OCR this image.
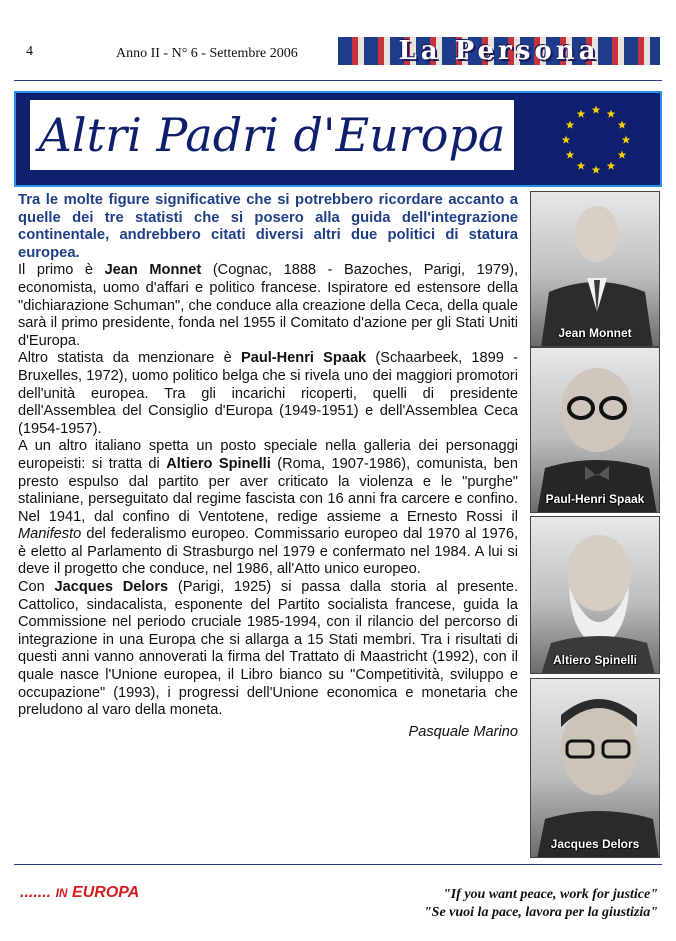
4	Anno II - N° 6 - Settembre 2006	La Persona
Altri Padri d'Europa

Tra le molte figure significative che si potrebbero ricordare accanto a quelle dei tre statisti che si posero alla guida dell'integrazione continentale, andrebbero citati diversi altri due politici di statura europea.

Il primo è Jean Monnet (Cognac, 1888 - Bazoches, Parigi, 1979), economista, uomo d'affari e politico francese. Ispiratore ed estensore della "dichiarazione Schuman", che conduce alla creazione della Ceca, della quale sarà il primo presidente, fonda nel 1955 il Comitato d'azione per gli Stati Uniti d'Europa.

Altro statista da menzionare è Paul-Henri Spaak (Schaarbeek, 1899 - Bruxelles, 1972), uomo politico belga che si rivela uno dei maggiori promotori dell'unità europea. Tra gli incarichi ricoperti, quelli di presidente dell'Assemblea del Consiglio d'Europa (1949-1951) e dell'Assemblea Ceca (1954-1957).

A un altro italiano spetta un posto speciale nella galleria dei personaggi europeisti: si tratta di Altiero Spinelli (Roma, 1907-1986), comunista, ben presto espulso dal partito per aver criticato la violenza e le "purghe" staliniane, perseguitato dal regime fascista con 16 anni fra carcere e confino. Nel 1941, dal confino di Ventotene, redige assieme a Ernesto Rossi il Manifesto del federalismo europeo. Commissario europeo dal 1970 al 1976, è eletto al Parlamento di Strasburgo nel 1979 e confermato nel 1984. A lui si deve il progetto che conduce, nel 1986, all'Atto unico europeo.

Con Jacques Delors (Parigi, 1925) si passa dalla storia al presente. Cattolico, sindacalista, esponente del Partito socialista francese, guida la Commissione nel periodo cruciale 1985-1994, con il rilancio del percorso di integrazione in una Europa che si allarga a 15 Stati membri. Tra i risultati di questi anni vanno annoverati la firma del Trattato di Maastricht (1992), con il quale nasce l'Unione europea, il Libro bianco su "Competitività, sviluppo e occupazione" (1993), i progressi dell'Unione economica e monetaria che preludono al varo della moneta.

Pasquale Marino
Jean Monnet
Paul-Henri Spaak
Altiero Spinelli
Jacques Delors
....... IN EUROPA	"If you want peace, work for justice"
"Se vuoi la pace, lavora per la giustizia"
